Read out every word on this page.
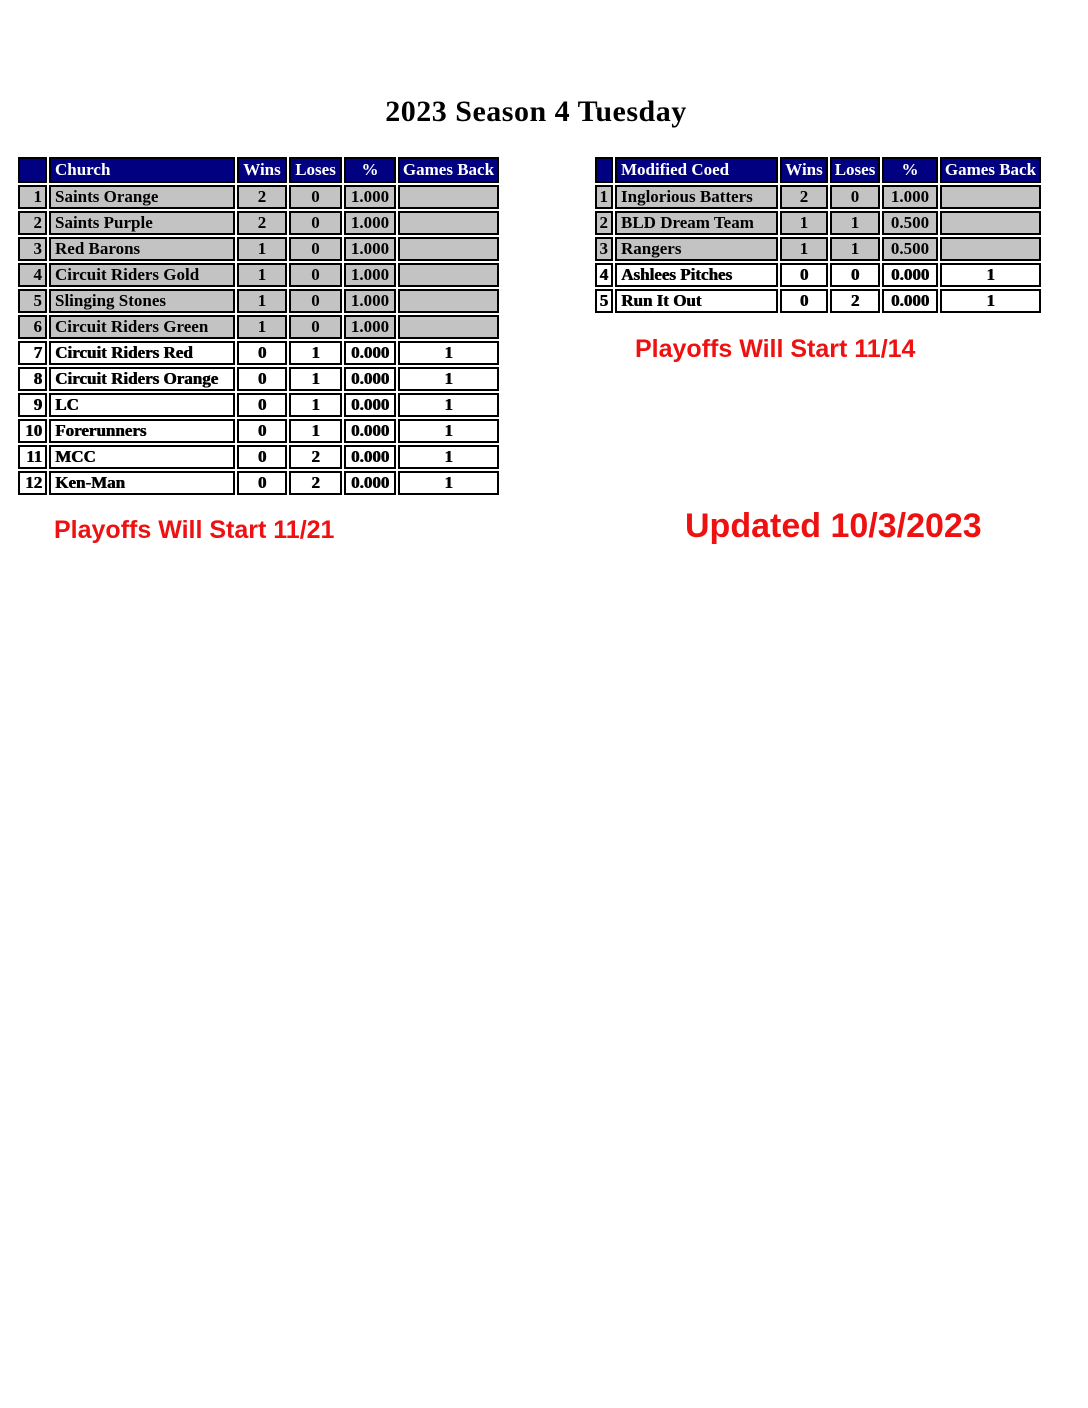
2023 Season 4 Tuesday
	Church	Wins	Loses	%	Games Back
1	Saints Orange	2	0	1.000	
2	Saints Purple	2	0	1.000	
3	Red Barons	1	0	1.000	
4	Circuit Riders Gold	1	0	1.000	
5	Slinging Stones	1	0	1.000	
6	Circuit Riders Green	1	0	1.000	
7	Circuit Riders Red	0	1	0.000	1
8	Circuit Riders Orange	0	1	0.000	1
9	LC	0	1	0.000	1
10	Forerunners	0	1	0.000	1
11	MCC	0	2	0.000	1
12	Ken-Man	0	2	0.000	1
	Modified Coed	Wins	Loses	%	Games Back
1	Inglorious Batters	2	0	1.000	
2	BLD Dream Team	1	1	0.500	
3	Rangers	1	1	0.500	
4	Ashlees Pitches	0	0	0.000	1
5	Run It Out	0	2	0.000	1
Playoffs Will Start 11/14
Playoffs Will Start 11/21	Updated 10/3/2023
